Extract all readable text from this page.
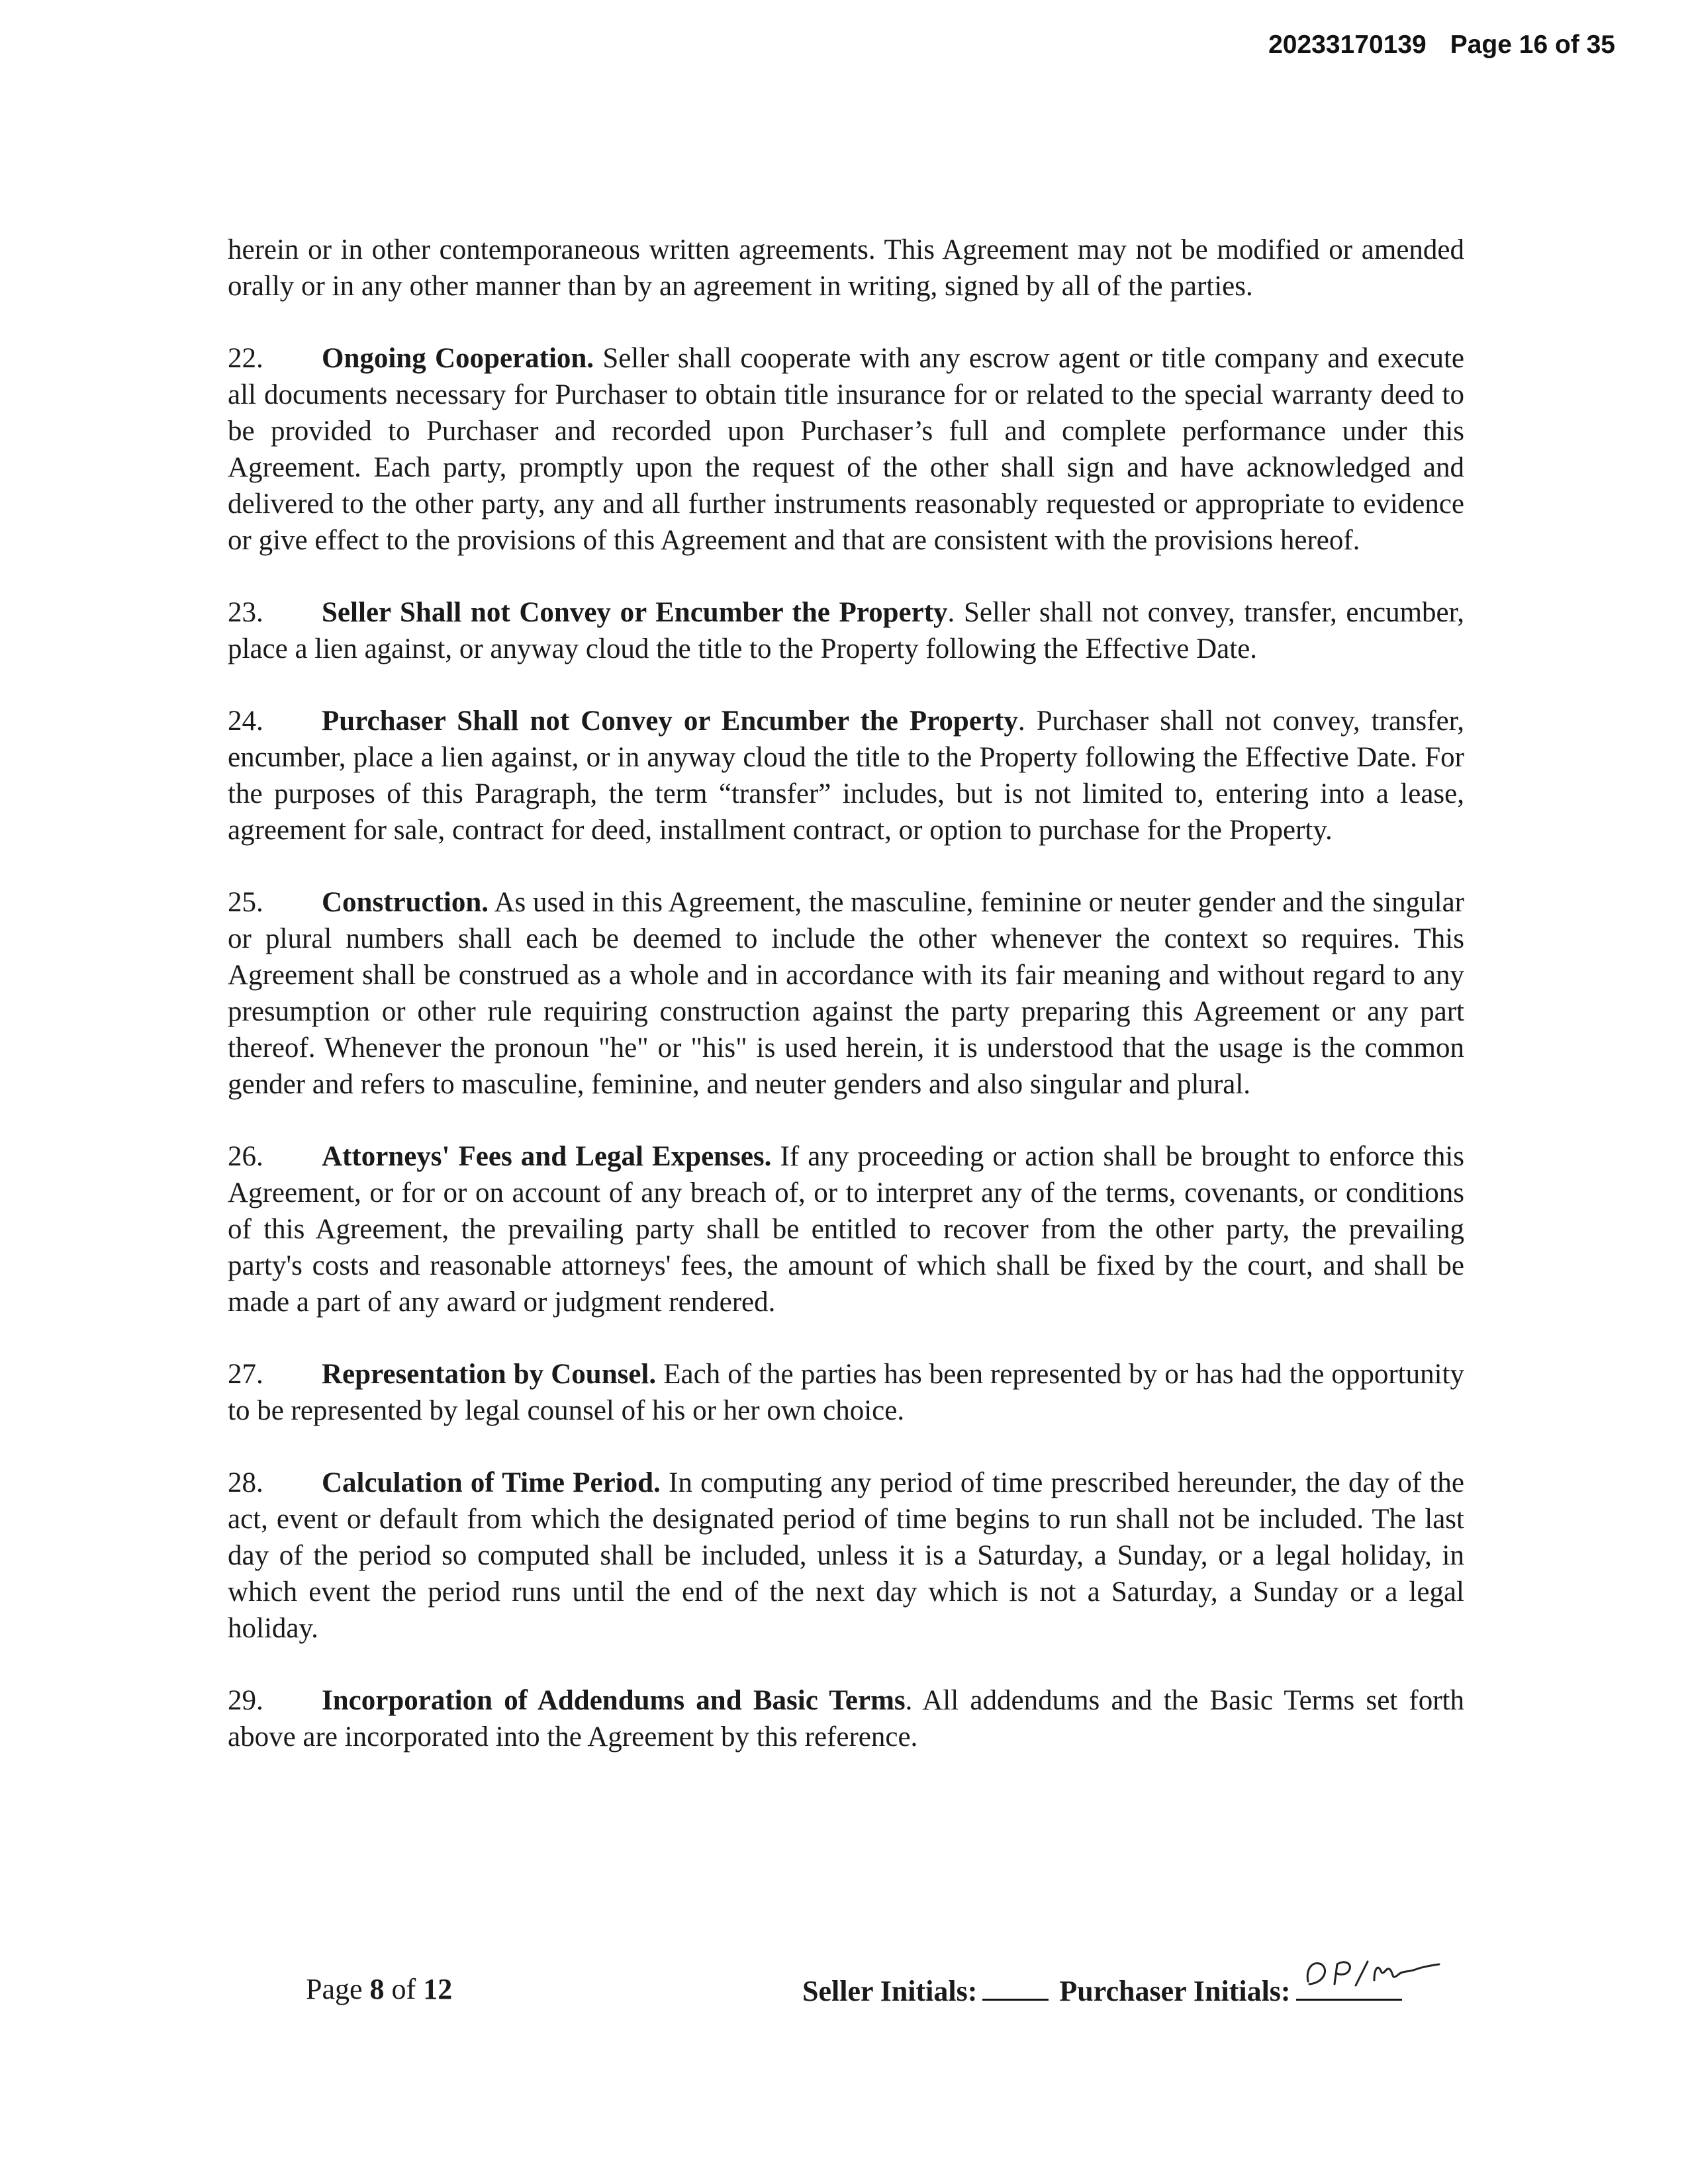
20233170139 Page 16 of 35

herein or in other contemporaneous written agreements. This Agreement may not be modified or amended orally or in any other manner than by an agreement in writing, signed by all of the parties.

22. Ongoing Cooperation. Seller shall cooperate with any escrow agent or title company and execute all documents necessary for Purchaser to obtain title insurance for or related to the special warranty deed to be provided to Purchaser and recorded upon Purchaser’s full and complete performance under this Agreement. Each party, promptly upon the request of the other shall sign and have acknowledged and delivered to the other party, any and all further instruments reasonably requested or appropriate to evidence or give effect to the provisions of this Agreement and that are consistent with the provisions hereof.

23. Seller Shall not Convey or Encumber the Property. Seller shall not convey, transfer, encumber, place a lien against, or anyway cloud the title to the Property following the Effective Date.

24. Purchaser Shall not Convey or Encumber the Property. Purchaser shall not convey, transfer, encumber, place a lien against, or in anyway cloud the title to the Property following the Effective Date. For the purposes of this Paragraph, the term “transfer” includes, but is not limited to, entering into a lease, agreement for sale, contract for deed, installment contract, or option to purchase for the Property.

25. Construction. As used in this Agreement, the masculine, feminine or neuter gender and the singular or plural numbers shall each be deemed to include the other whenever the context so requires. This Agreement shall be construed as a whole and in accordance with its fair meaning and without regard to any presumption or other rule requiring construction against the party preparing this Agreement or any part thereof. Whenever the pronoun "he" or "his" is used herein, it is understood that the usage is the common gender and refers to masculine, feminine, and neuter genders and also singular and plural.

26. Attorneys' Fees and Legal Expenses. If any proceeding or action shall be brought to enforce this Agreement, or for or on account of any breach of, or to interpret any of the terms, covenants, or conditions of this Agreement, the prevailing party shall be entitled to recover from the other party, the prevailing party's costs and reasonable attorneys' fees, the amount of which shall be fixed by the court, and shall be made a part of any award or judgment rendered.

27. Representation by Counsel. Each of the parties has been represented by or has had the opportunity to be represented by legal counsel of his or her own choice.

28. Calculation of Time Period. In computing any period of time prescribed hereunder, the day of the act, event or default from which the designated period of time begins to run shall not be included. The last day of the period so computed shall be included, unless it is a Saturday, a Sunday, or a legal holiday, in which event the period runs until the end of the next day which is not a Saturday, a Sunday or a legal holiday.

29. Incorporation of Addendums and Basic Terms. All addendums and the Basic Terms set forth above are incorporated into the Agreement by this reference.

Page 8 of 12	Seller Initials:	Purchaser Initials:
